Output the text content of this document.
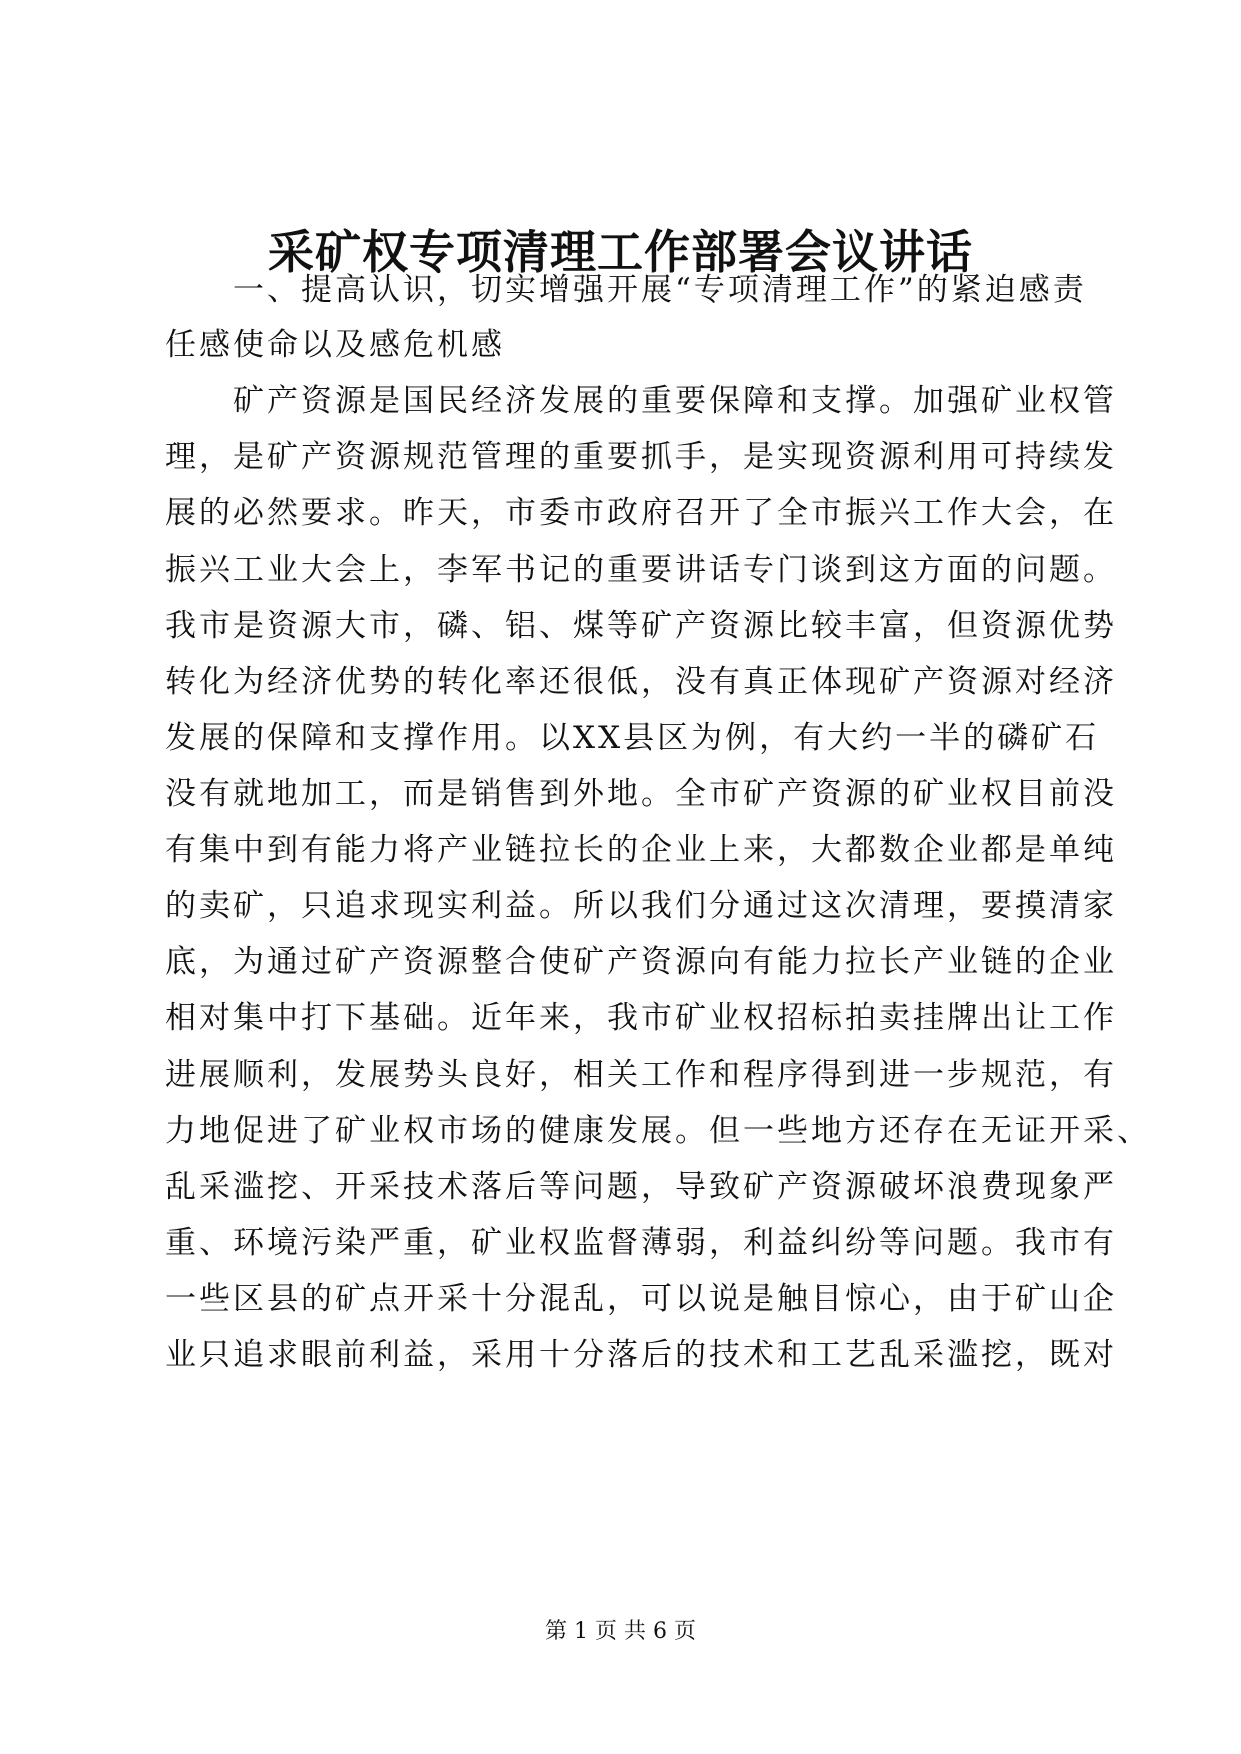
采矿权专项清理工作部署会议讲话

　　一、提高认识，切实增强开展“专项清理工作”的紧迫感责

任感使命以及感危机感

　　矿产资源是国民经济发展的重要保障和支撑。加强矿业权管

理，是矿产资源规范管理的重要抓手，是实现资源利用可持续发

展的必然要求。昨天，市委市政府召开了全市振兴工作大会，在

振兴工业大会上，李军书记的重要讲话专门谈到这方面的问题。

我市是资源大市，磷、铝、煤等矿产资源比较丰富，但资源优势

转化为经济优势的转化率还很低，没有真正体现矿产资源对经济

发展的保障和支撑作用。以XX县区为例，有大约一半的磷矿石

没有就地加工，而是销售到外地。全市矿产资源的矿业权目前没

有集中到有能力将产业链拉长的企业上来，大都数企业都是单纯

的卖矿，只追求现实利益。所以我们分通过这次清理，要摸清家

底，为通过矿产资源整合使矿产资源向有能力拉长产业链的企业

相对集中打下基础。近年来，我市矿业权招标拍卖挂牌出让工作

进展顺利，发展势头良好，相关工作和程序得到进一步规范，有

力地促进了矿业权市场的健康发展。但一些地方还存在无证开采、

乱采滥挖、开采技术落后等问题，导致矿产资源破坏浪费现象严

重、环境污染严重，矿业权监督薄弱，利益纠纷等问题。我市有

一些区县的矿点开采十分混乱，可以说是触目惊心，由于矿山企

业只追求眼前利益，采用十分落后的技术和工艺乱采滥挖，既对

第 1 页 共 6 页
